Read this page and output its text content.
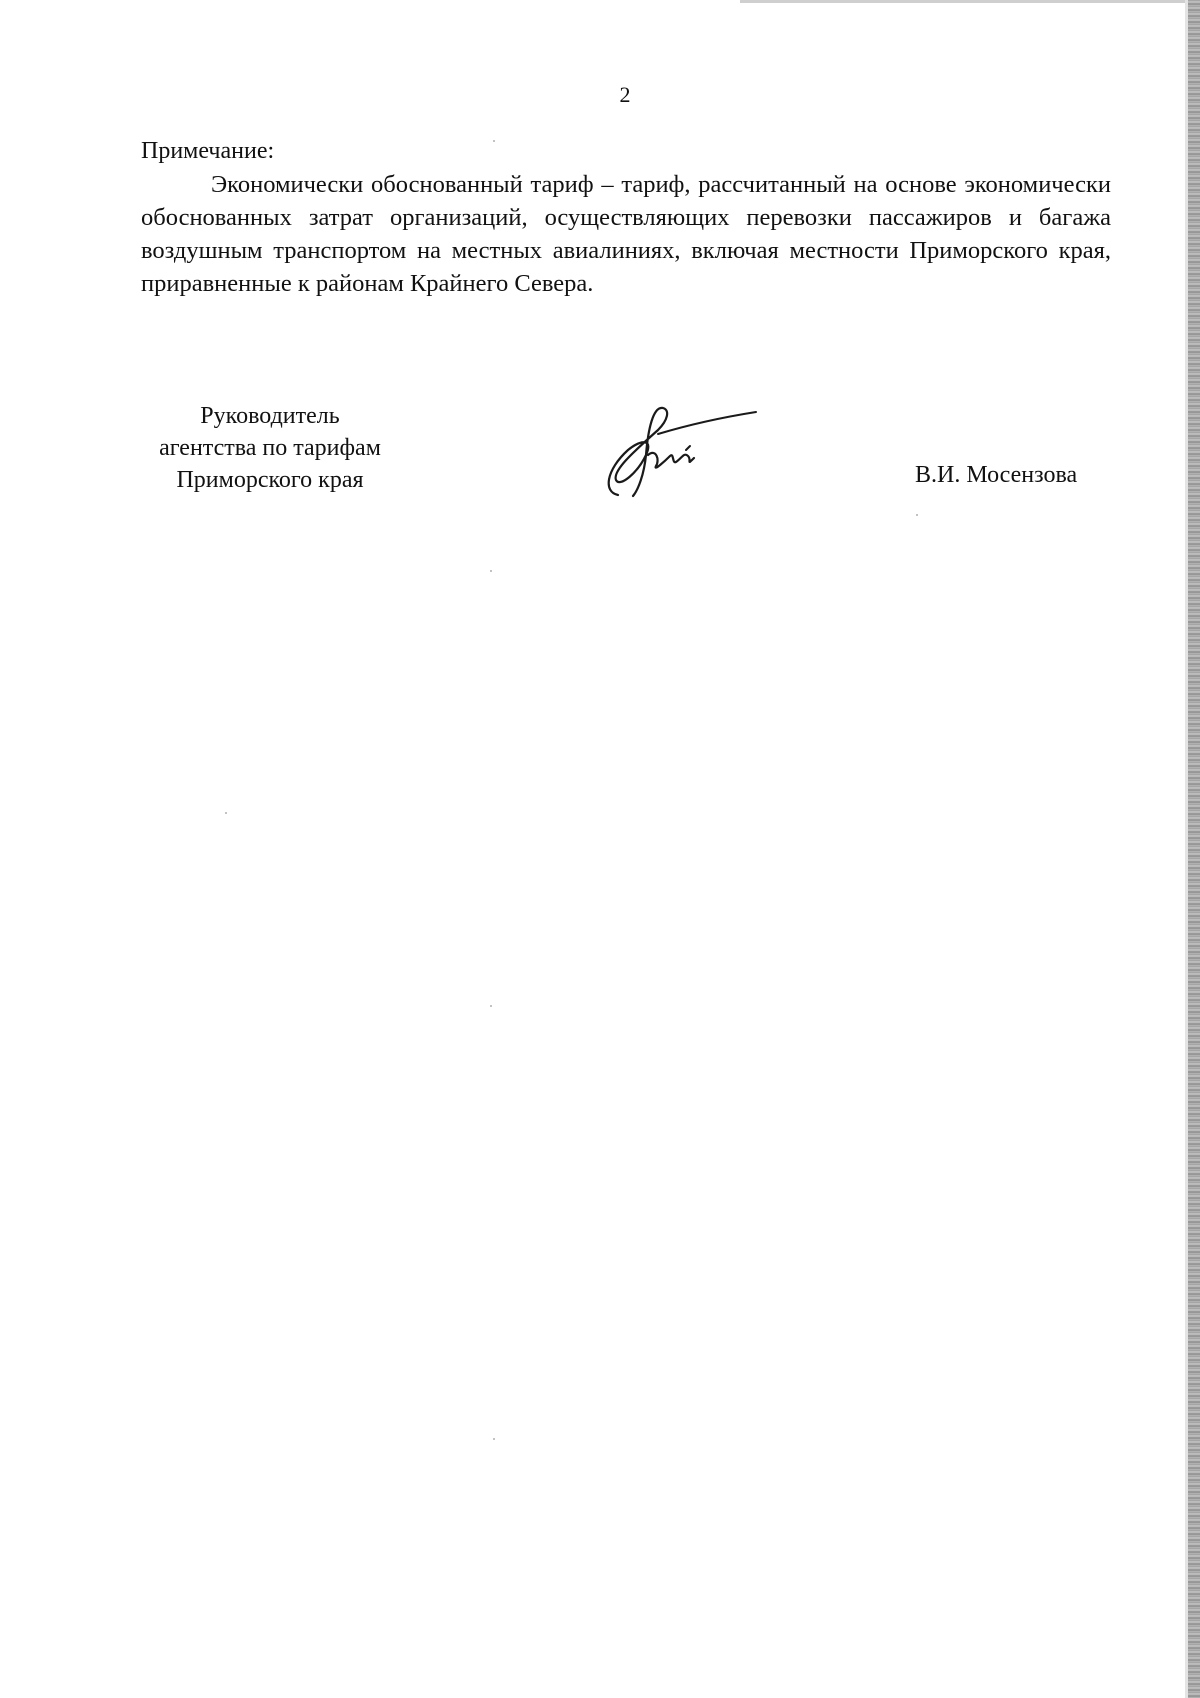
2
Примечание:

Экономически обоснованный тариф – тариф, рассчитанный на основе экономически обоснованных затрат организаций, осуществляющих перевозки пассажиров и багажа воздушным транспортом на местных авиалиниях, включая местности Приморского края, приравненные к районам Крайнего Севера.

Руководитель
агентства по тарифам
Приморского края	В.И. Мосензова
